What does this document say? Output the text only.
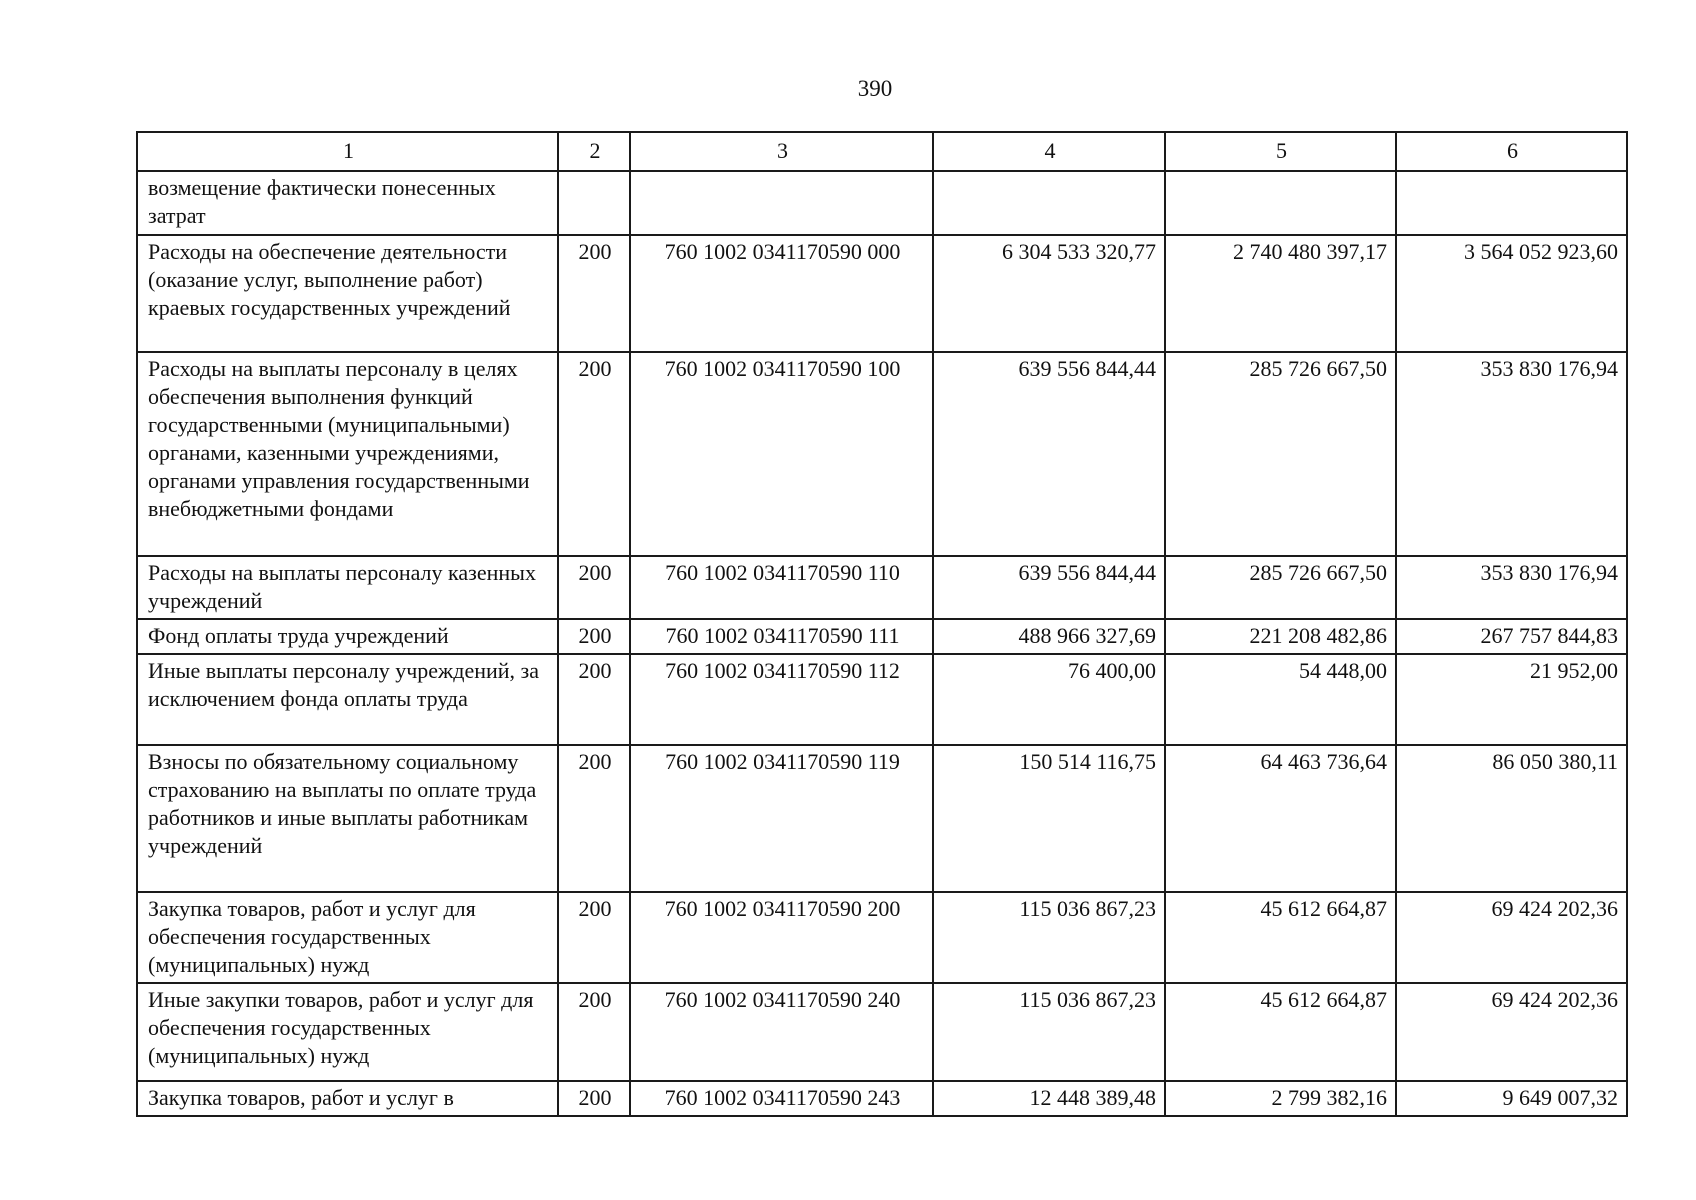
390
1	2	3	4	5	6
возмещение фактически понесенных затрат					
Расходы на обеспечение деятельности (оказание услуг, выполнение работ) краевых государственных учреждений	200	760 1002 0341170590 000	6 304 533 320,77	2 740 480 397,17	3 564 052 923,60
Расходы на выплаты персоналу в целях обеспечения выполнения функций государственными (муниципальными) органами, казенными учреждениями, органами управления государственными внебюджетными фондами	200	760 1002 0341170590 100	639 556 844,44	285 726 667,50	353 830 176,94
Расходы на выплаты персоналу казенных учреждений	200	760 1002 0341170590 110	639 556 844,44	285 726 667,50	353 830 176,94
Фонд оплаты труда учреждений	200	760 1002 0341170590 111	488 966 327,69	221 208 482,86	267 757 844,83
Иные выплаты персоналу учреждений, за исключением фонда оплаты труда	200	760 1002 0341170590 112	76 400,00	54 448,00	21 952,00
Взносы по обязательному социальному страхованию на выплаты по оплате труда работников и иные выплаты работникам учреждений	200	760 1002 0341170590 119	150 514 116,75	64 463 736,64	86 050 380,11
Закупка товаров, работ и услуг для обеспечения государственных (муниципальных) нужд	200	760 1002 0341170590 200	115 036 867,23	45 612 664,87	69 424 202,36
Иные закупки товаров, работ и услуг для обеспечения государственных (муниципальных) нужд	200	760 1002 0341170590 240	115 036 867,23	45 612 664,87	69 424 202,36
Закупка товаров, работ и услуг в	200	760 1002 0341170590 243	12 448 389,48	2 799 382,16	9 649 007,32
